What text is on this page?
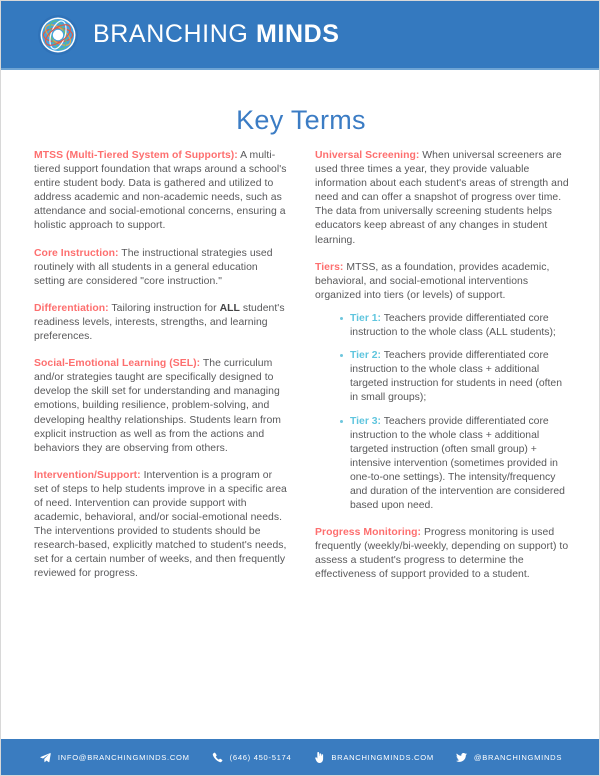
BRANCHING MINDS
Key Terms

MTSS (Multi-Tiered System of Supports): A multi-tiered support foundation that wraps around a school's entire student body. Data is gathered and utilized to address academic and non-academic needs, such as attendance and social-emotional concerns, ensuring a holistic approach to support.

Core Instruction: The instructional strategies used routinely with all students in a general education setting are considered "core instruction."

Differentiation: Tailoring instruction for ALL student's readiness levels, interests, strengths, and learning preferences.

Social-Emotional Learning (SEL): The curriculum and/or strategies taught are specifically designed to develop the skill set for understanding and managing emotions, building resilience, problem-solving, and developing healthy relationships. Students learn from explicit instruction as well as from the actions and behaviors they are observing from others.

Intervention/Support: Intervention is a program or set of steps to help students improve in a specific area of need. Intervention can provide support with academic, behavioral, and/or social-emotional needs. The interventions provided to students should be research-based, explicitly matched to student's needs, set for a certain number of weeks, and then frequently reviewed for progress.

Universal Screening: When universal screeners are used three times a year, they provide valuable information about each student's areas of strength and need and can offer a snapshot of progress over time. The data from universally screening students helps educators keep abreast of any changes in student learning.

Tiers: MTSS, as a foundation, provides academic, behavioral, and social-emotional interventions organized into tiers (or levels) of support.

Tier 1: Teachers provide differentiated core instruction to the whole class (ALL students);
Tier 2: Teachers provide differentiated core instruction to the whole class + additional targeted instruction for students in need (often in small groups);
Tier 3: Teachers provide differentiated core instruction to the whole class + additional targeted instruction (often small group) + intensive intervention (sometimes provided in one-to-one settings). The intensity/frequency and duration of the intervention are considered based upon need.

Progress Monitoring: Progress monitoring is used frequently (weekly/bi-weekly, depending on support) to assess a student's progress to determine the effectiveness of support provided to a student.

INFO@BRANCHINGMINDS.COM	(646) 450-5174	BRANCHINGMINDS.COM	@BRANCHINGMINDS
